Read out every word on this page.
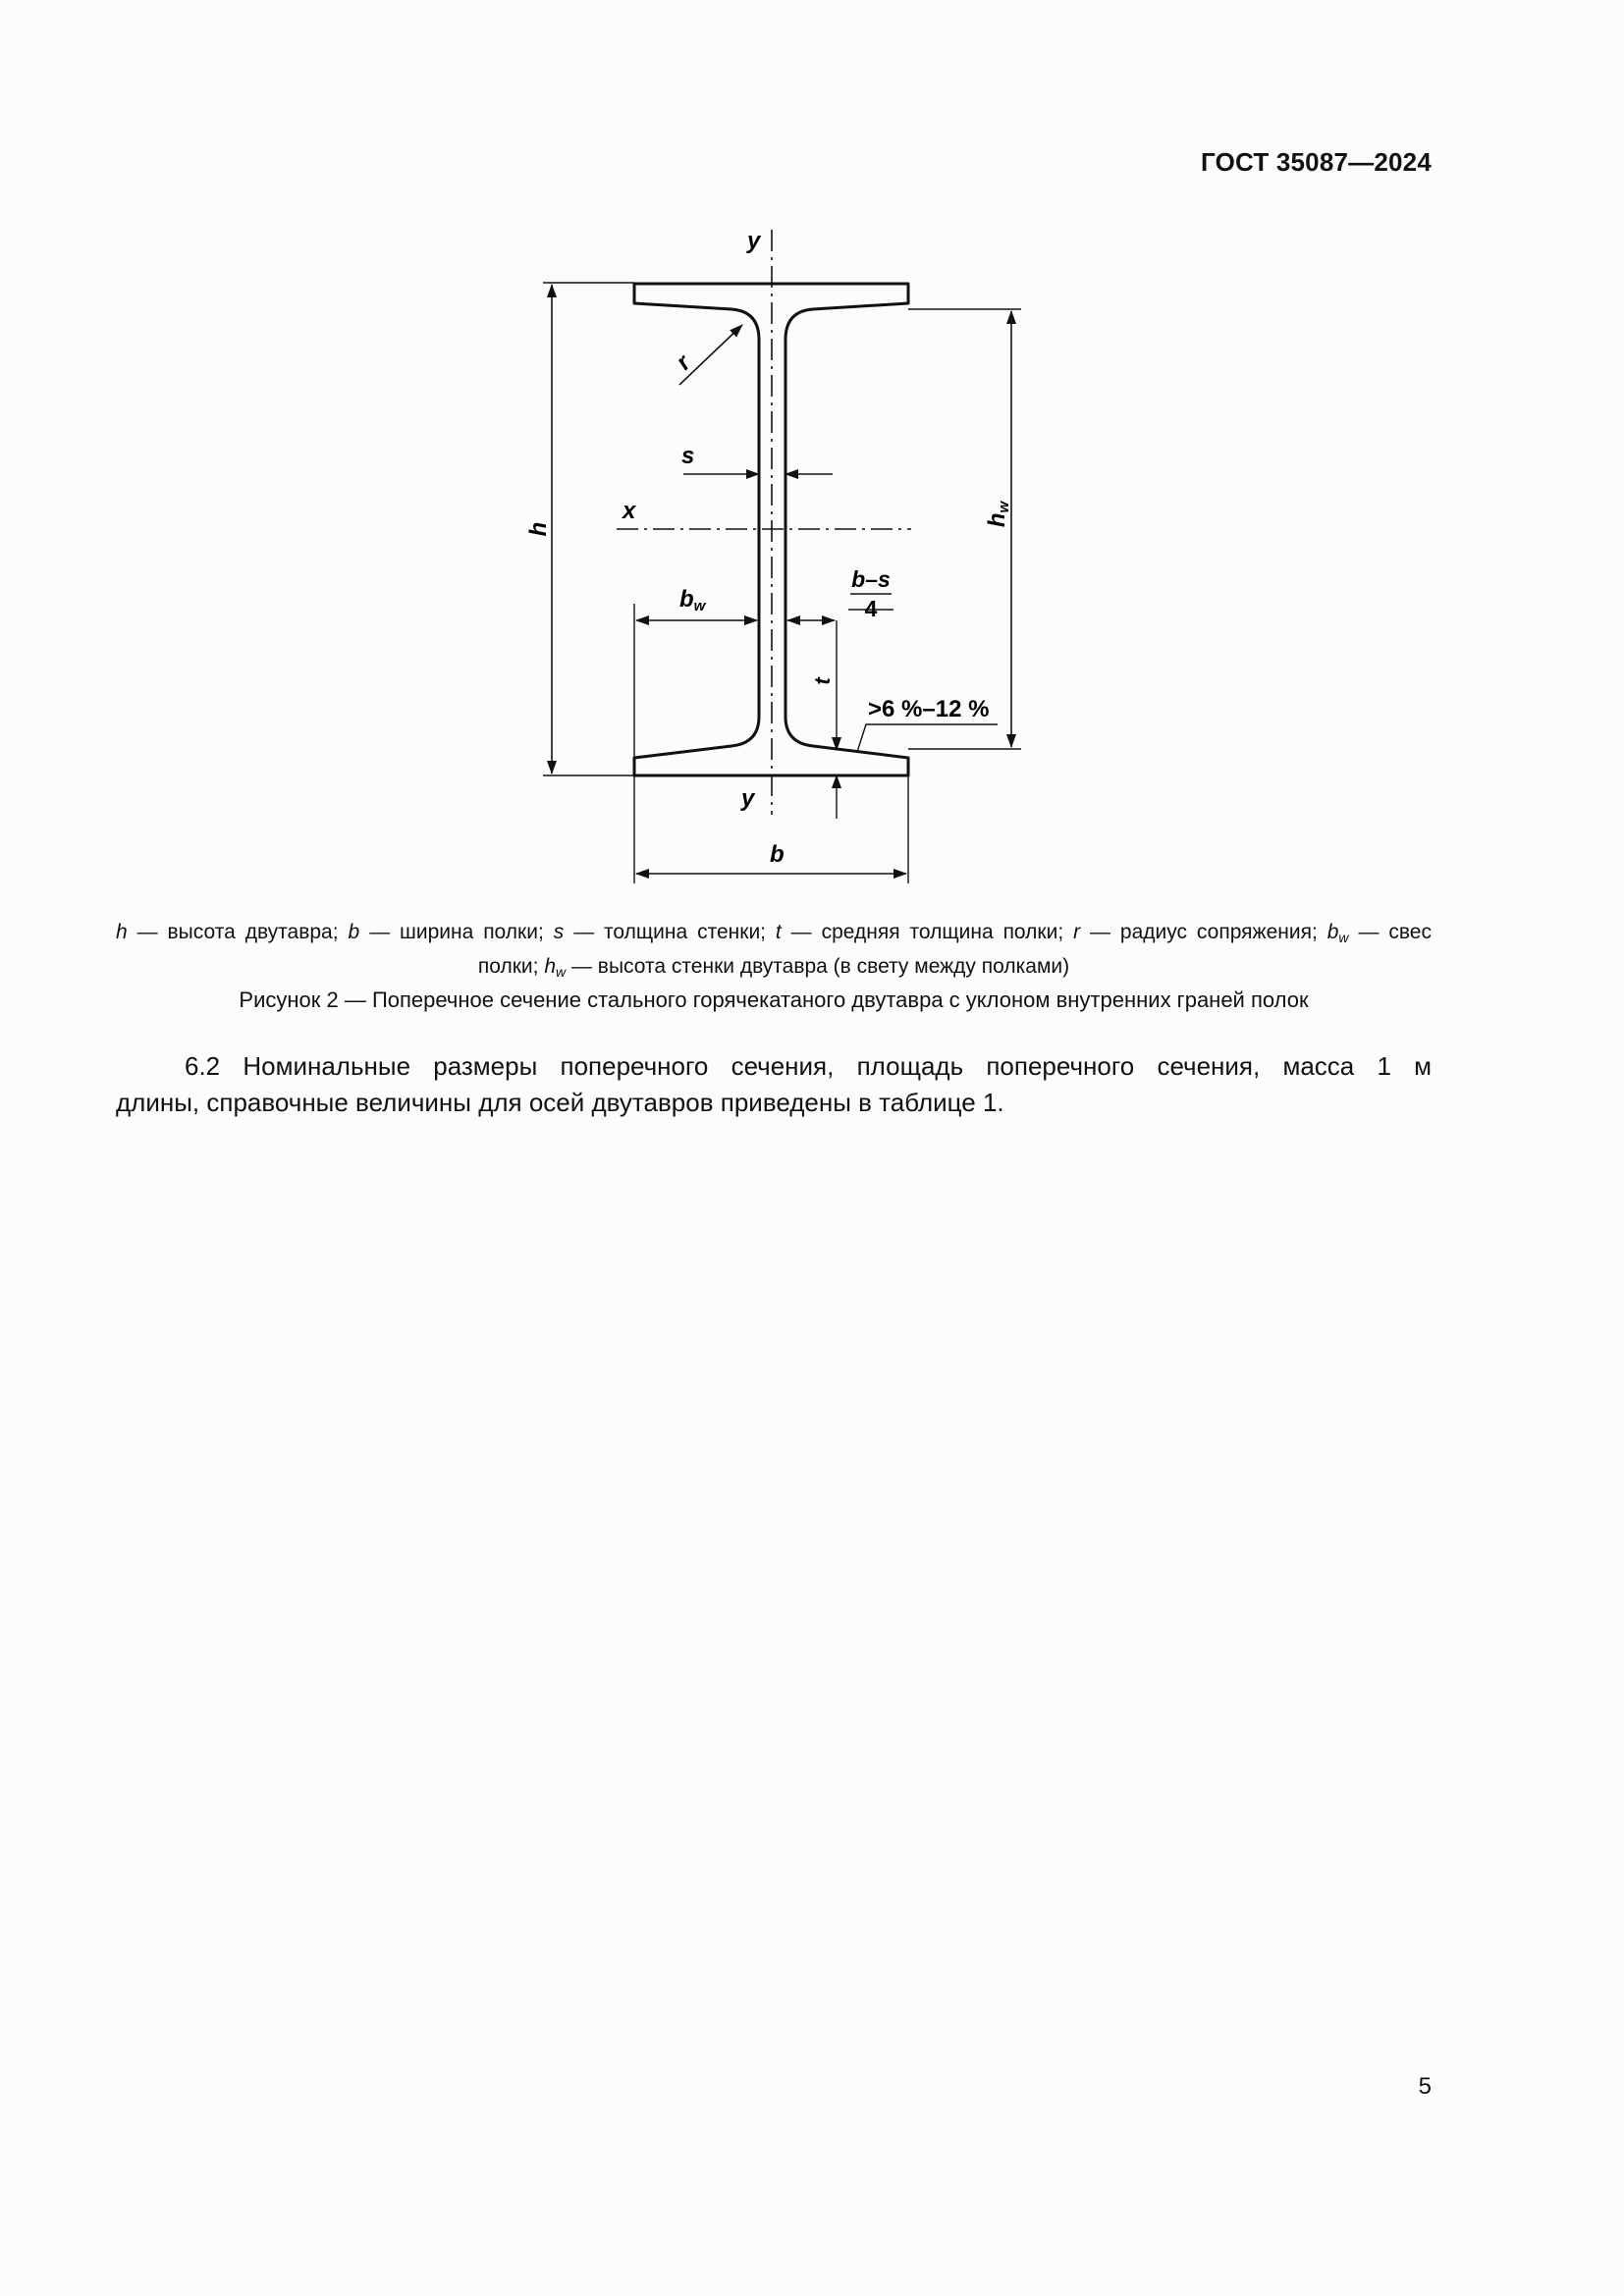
ГОСТ 35087—2024
y
y
x
h
hw
r
s
bw
t
b–s
4
>6 %–12 %
b
h — высота двутавра; b — ширина полки; s — толщина стенки; t — средняя толщина полки; r — радиус сопряжения; $b_w$ — свес
полки; $h_w$ — высота стенки двутавра (в свету между полками)
Рисунок 2 — Поперечное сечение стального горячекатаного двутавра с уклоном внутренних граней полок
6.2 Номинальные размеры поперечного сечения, площадь поперечного сечения, масса 1 м
длины, справочные величины для осей двутавров приведены в таблице 1.
5
